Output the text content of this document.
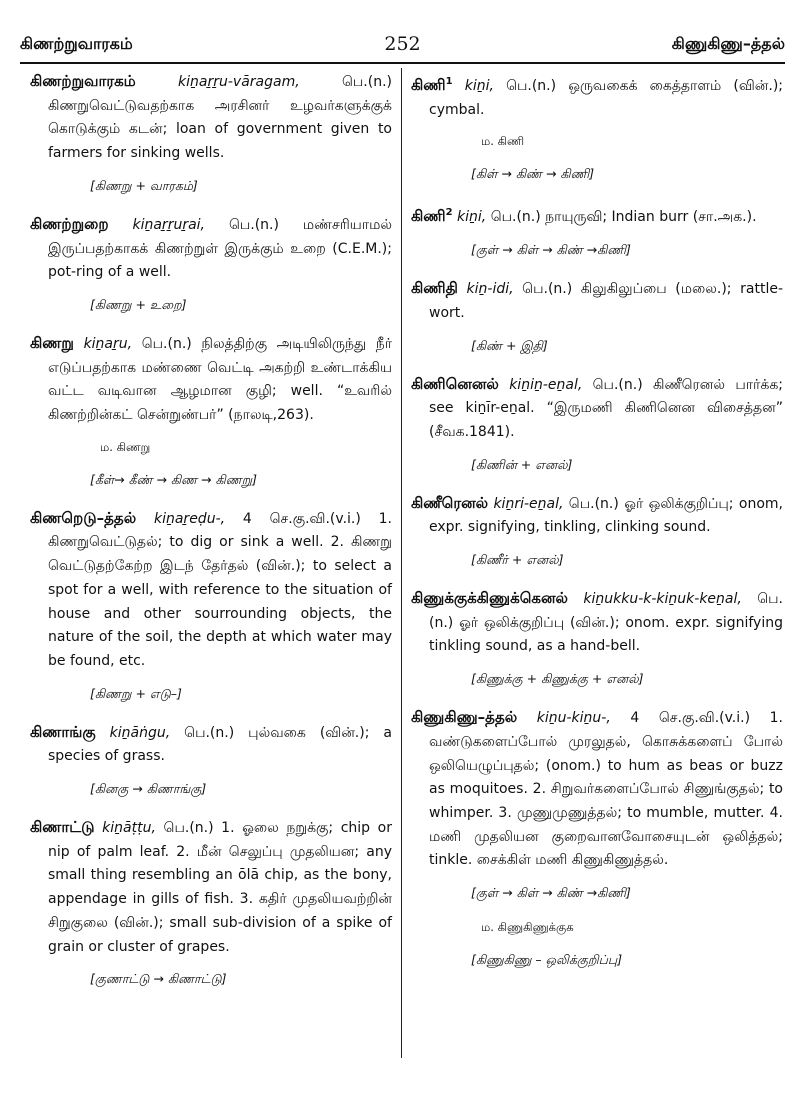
கிணற்றுவாரகம்	252	கிணுகிணு–த்தல்

கிணற்றுவாரகம்	kiṉaṟṟu-vāragam, பெ.(n.) கிணறுவெட்டுவதற்காக அரசினர் உழவர்களுக்குக் கொடுக்கும் கடன்; loan of government given to farmers for sinking wells.

[கிணறு + வாரகம்]

கிணற்றுறை kiṉaṟṟuṟai, பெ.(n.) மண்சரியாமல் இருப்பதற்காகக் கிணற்றுள் இருக்கும் உறை (C.E.M.); pot-ring of a well.

[கிணறு + உறை]

கிணறு kiṉaṟu, பெ.(n.) நிலத்திற்கு அடியிலிருந்து நீர் எடுப்பதற்காக மண்ணை வெட்டி அகற்றி உண்டாக்கிய வட்ட வடிவான ஆழமான குழி; well. “உவரில் கிணற்றின்கட் சென்றுண்பர்” (நாலடி,263).

ம. கிணறு
[கீள்→ கீண் → கிண → கிணறு]

கிணறெடு–த்தல் kiṉaṟeḍu-, 4 செ.கு.வி.(v.i.) 1. கிணறுவெட்டுதல்; to dig or sink a well. 2. கிணறு வெட்டுதற்கேற்ற இடந் தேர்தல் (வின்.); to select a spot for a well, with reference to the situation of house and other sourrounding objects, the nature of the soil, the depth at which water may be found, etc.

[கிணறு + எடு–]

கிணாங்கு kiṉāṅgu, பெ.(n.) புல்வகை (வின்.); a species of grass.

[கினகு → கிணாங்கு]

கிணாட்டு kiṉāṭṭu, பெ.(n.) 1. ஓலை நறுக்கு; chip or nip of palm leaf. 2. மீன் செலுப்பு முதலியன; any small thing resembling an ōlā chip, as the bony, appendage in gills of fish. 3. கதிர் முதலியவற்றின் சிறுகுலை (வின்.); small sub-division of a spike of grain or cluster of grapes.

[குணாட்டு → கிணாட்டு]

கிணி$^1$ kiṉi, பெ.(n.) ஒருவகைக் கைத்தாளம் (வின்.); cymbal.

ம. கிணி
[கிள் → கிண் → கிணி]

கிணி$^2$ kiṉi, பெ.(n.) நாயுருவி; Indian burr (சா.அக.).

[குள் → கிள் → கிண் →கிணி]

கிணிதி kiṉ-idi, பெ.(n.) கிலுகிலுப்பை (மலை.); rattle-wort.

[கிண் + இதி]

கிணினெனல் kiṉiṉ-eṉal, பெ.(n.) கிணீரெனல் பார்க்க; see kiṉīr-eṉal. “இருமணி கிணினென விசைத்தன” (சீவக.1841).

[கிணின் + எனல்]

கிணீரெனல் kiṉri-eṉal, பெ.(n.) ஓர் ஒலிக்குறிப்பு; onom, expr. signifying, tinkling, clinking sound.

[கிணீர் + எனல்]

கிணுக்குக்கிணுக்கெனல் kiṉukku-k-kiṉuk-keṉal, பெ.(n.) ஓர் ஒலிக்குறிப்பு (வின்.); onom. expr. signifying tinkling sound, as a hand-bell.

[கிணுக்கு + கிணுக்கு + எனல்]

கிணுகிணு–த்தல் kiṉu-kiṉu-, 4 செ.கு.வி.(v.i.) 1. வண்டுகளைப்போல் முரலுதல், கொசுக்களைப் போல் ஒலியெழுப்புதல்; (onom.) to hum as beas or buzz as moquitoes. 2. சிறுவர்களைப்போல் சிணுங்குதல்; to whimper. 3. முணுமுணுத்தல்; to mumble, mutter. 4. மணி முதலியன குறைவானவோசையுடன் ஒலித்தல்; tinkle. சைக்கிள் மணி கிணுகிணுத்தல்.

[குள் → கிள் → கிண் →கிணி]
ம. கிணுகிணுக்குக
[கிணுகிணு – ஒலிக்குறிப்பு]
